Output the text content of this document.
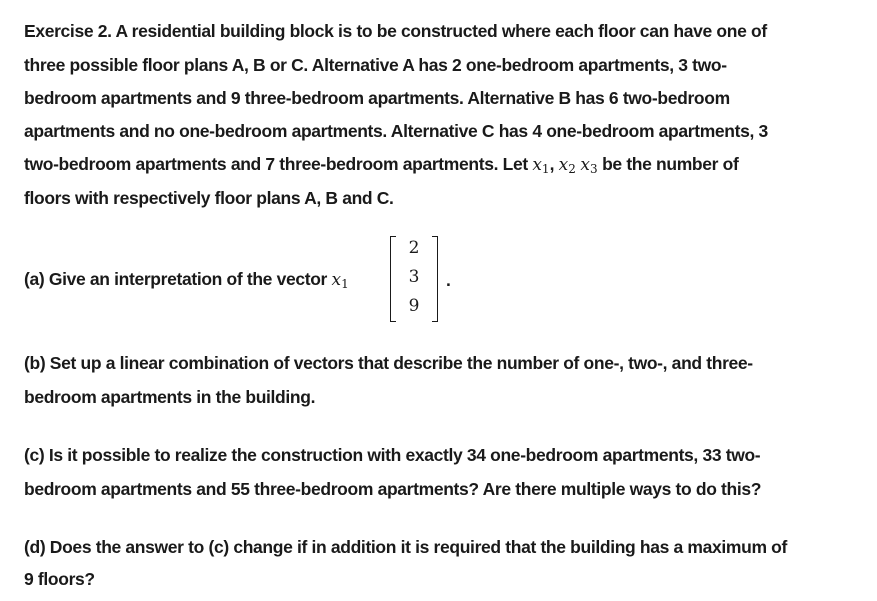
Exercise 2. A residential building block is to be constructed where each floor can have one of
three possible floor plans A, B or C. Alternative A has 2 one-bedroom apartments, 3 two-
bedroom apartments and 9 three-bedroom apartments. Alternative B has 6 two-bedroom
apartments and no one-bedroom apartments. Alternative C has 4 one-bedroom apartments, 3
two-bedroom apartments and 7 three-bedroom apartments. Let $x_1$, $x_2$ $x_3$ be the number of
floors with respectively floor plans A, B and C.
(a) Give an interpretation of the vector $x_1$
2
3
9
.
(b) Set up a linear combination of vectors that describe the number of one-, two-, and three-
bedroom apartments in the building.
(c) Is it possible to realize the construction with exactly 34 one-bedroom apartments, 33 two-
bedroom apartments and 55 three-bedroom apartments? Are there multiple ways to do this?
(d) Does the answer to (c) change if in addition it is required that the building has a maximum of
9 floors?
